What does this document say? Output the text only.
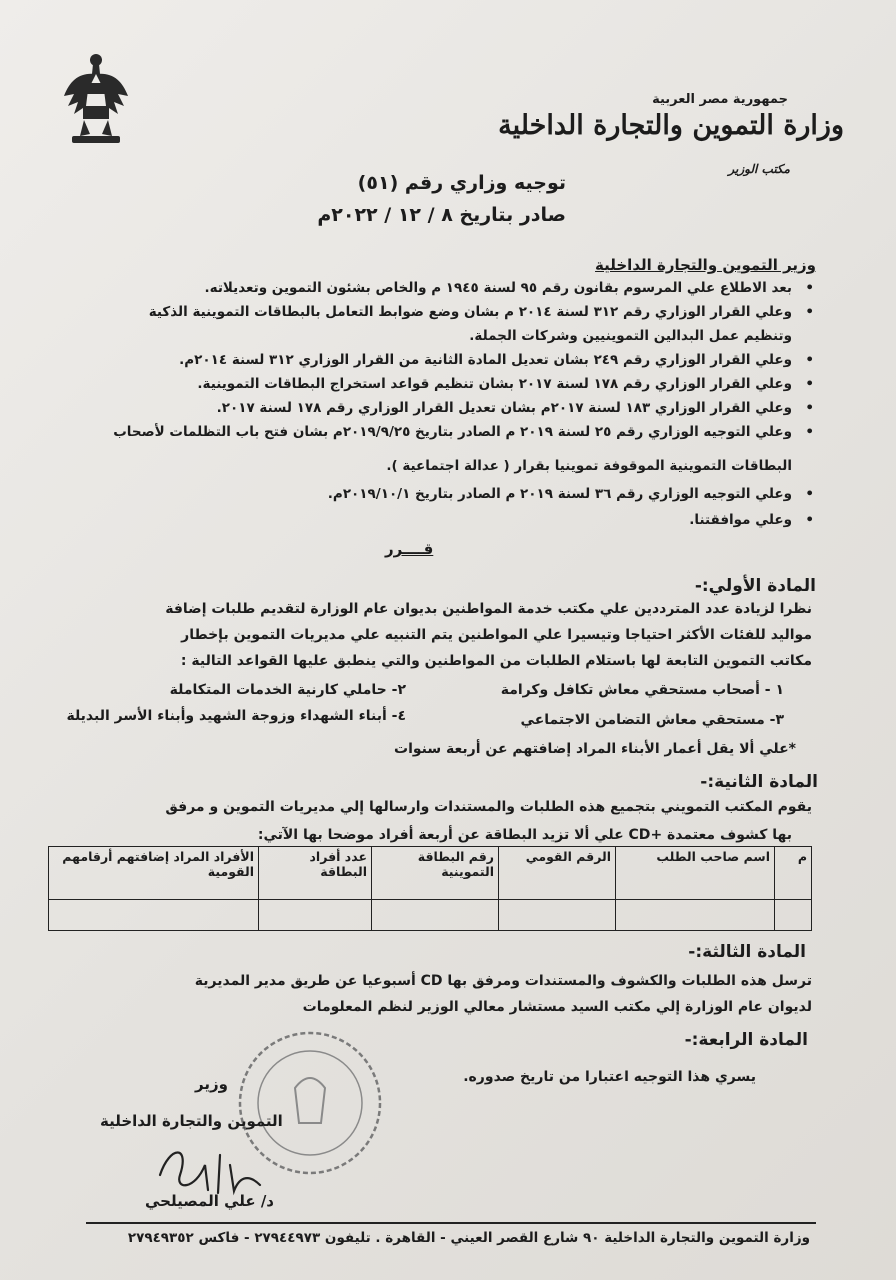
جمهورية مصر العربية
وزارة التموين والتجارة الداخلية
مكتب الوزير
توجيه وزاري رقم (٥١)
صادر بتاريخ ٨ / ١٢ / ٢٠٢٢م
وزير التموين والتجارة الداخلية
•بعد الاطلاع علي المرسوم بقانون رقم ٩٥ لسنة ١٩٤٥ م والخاص بشئون التموين وتعديلاته.
•وعلي القرار الوزاري رقم ٣١٢ لسنة ٢٠١٤ م بشان وضع ضوابط التعامل بالبطاقات التموينية الذكية
وتنظيم عمل البدالين التموينيين وشركات الجملة.
•وعلي القرار الوزاري رقم ٢٤٩ بشان تعديل المادة الثانية من القرار الوزاري ٣١٢ لسنة ٢٠١٤م.
•وعلي القرار الوزاري رقم ١٧٨ لسنة ٢٠١٧ بشان تنظيم قواعد استخراج البطاقات التموينية.
•وعلي القرار الوزاري ١٨٣ لسنة ٢٠١٧م بشان تعديل القرار الوزاري رقم ١٧٨ لسنة ٢٠١٧.
•وعلي التوجيه الوزاري رقم ٢٥ لسنة ٢٠١٩ م الصادر بتاريخ ٢٠١٩/٩/٢٥م بشان فتح باب التظلمات لأصحاب
البطاقات التموينية الموقوفة تموينيا بقرار ( عدالة اجتماعية ).
•وعلي التوجيه الوزاري رقم ٣٦ لسنة ٢٠١٩ م الصادر بتاريخ ٢٠١٩/١٠/١م.
•وعلي موافقتنا.
قــــرر
المادة الأولي:-
نظرا لزيادة عدد المترددين علي مكتب خدمة المواطنين بديوان عام الوزارة لتقديم طلبات إضافة
مواليد للفئات الأكثر احتياجا وتيسيرا علي المواطنين يتم التنبيه علي مديريات التموين بإخطار
مكاتب التموين التابعة لها باستلام الطلبات من المواطنين والتي ينطبق عليها القواعد التالية :
١ - أصحاب مستحقي معاش تكافل وكرامة
٢- حاملي كارنية الخدمات المتكاملة
٣- مستحقي معاش التضامن الاجتماعي
٤- أبناء الشهداء وزوجة الشهيد وأبناء الأسر البديلة
*علي ألا يقل أعمار الأبناء المراد إضافتهم عن أربعة سنوات
المادة الثانية:-
يقوم المكتب التمويني بتجميع هذه الطلبات والمستندات وارسالها إلي مديريات التموين و مرفق
بها كشوف معتمدة +CD علي ألا تزيد البطاقة عن أربعة أفراد موضحا بها الآتي:
م	اسم صاحب الطلب	الرقم القومي	رقم البطاقة التموينية	عدد أفراد البطاقة	الأفراد المراد إضافتهم أرقامهم القومية

المادة الثالثة:-
ترسل هذه الطلبات والكشوف والمستندات ومرفق بها CD أسبوعيا عن طريق مدير المديرية
لديوان عام الوزارة إلي مكتب السيد مستشار معالي الوزير لنظم المعلومات
المادة الرابعة:-
يسري هذا التوجيه اعتبارا من تاريخ صدوره.
وزير
التموين والتجارة الداخلية
د/ علي المصيلحي
وزارة التموين والتجارة الداخلية ٩٠ شارع القصر العيني - القاهرة . تليفون ٢٧٩٤٤٩٧٣ - فاكس ٢٧٩٤٩٣٥٢
